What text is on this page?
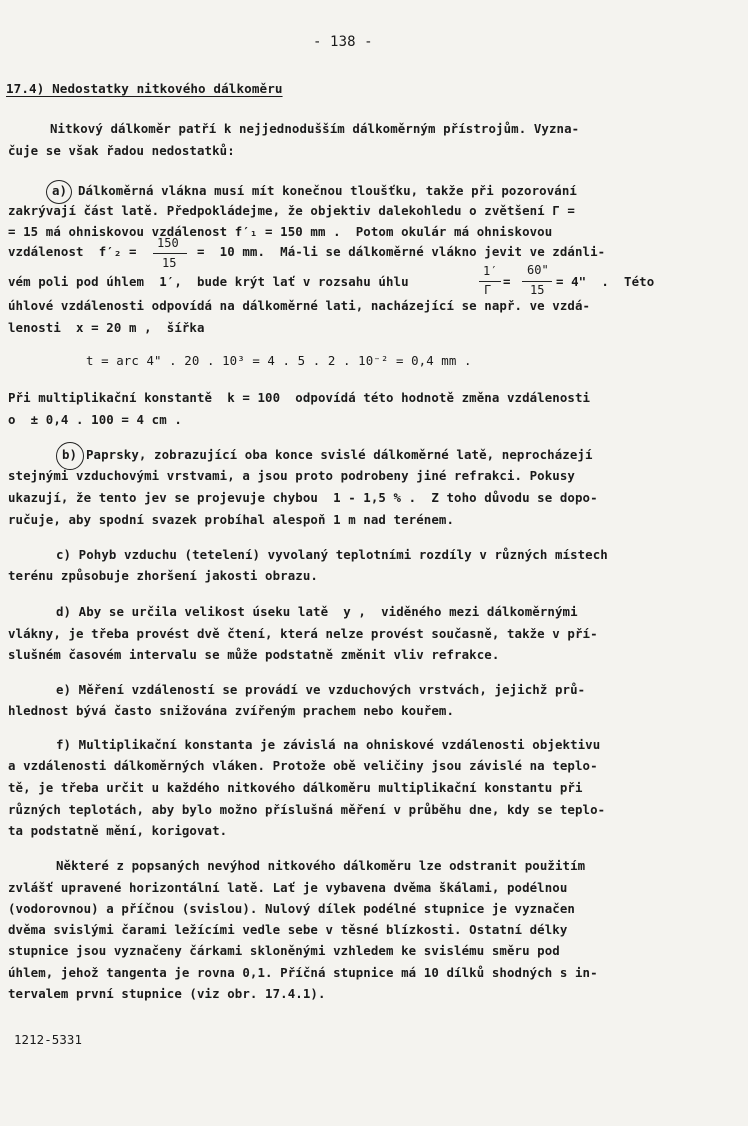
- 138 -
17.4) Nedostatky nitkového dálkoměru
Nitkový dálkoměr patří k nejjednodušším dálkoměrným přístrojům. Vyzna-
čuje se však řadou nedostatků:
a) Dálkoměrná vlákna musí mít konečnou tloušťku, takže při pozorování
zakrývají část latě. Předpokládejme, že objektiv dalekohledu o zvětšení Γ =
= 15 má ohniskovou vzdálenost f′₁ = 150 mm .  Potom okulár má ohniskovou
vzdálenost  f′₂ =
150
15
=  10 mm.  Má-li se dálkoměrné vlákno jevit ve zdánli-
vém poli pod úhlem  1′,  bude krýt lať v rozsahu úhlu
1′
Γ
=
60"
15
= 4"  .  Této
úhlové vzdálenosti odpovídá na dálkoměrné lati, nacházející se např. ve vzdá-
lenosti  x = 20 m ,  šířka
t = arc 4" . 20 . 10³ = 4 . 5 . 2 . 10⁻² = 0,4 mm .
Při multiplikační konstantě  k = 100  odpovídá této hodnotě změna vzdálenosti
o  ± 0,4 . 100 = 4 cm .
b) Paprsky, zobrazující oba konce svislé dálkoměrné latě, neprocházejí
stejnými vzduchovými vrstvami, a jsou proto podrobeny jiné refrakci. Pokusy
ukazují, že tento jev se projevuje chybou  1 - 1,5 % .  Z toho důvodu se dopo-
ručuje, aby spodní svazek probíhal alespoň 1 m nad terénem.
c) Pohyb vzduchu (tetelení) vyvolaný teplotními rozdíly v různých místech
terénu způsobuje zhoršení jakosti obrazu.
d) Aby se určila velikost úseku latě  y ,  viděného mezi dálkoměrnými
vlákny, je třeba provést dvě čtení, která nelze provést současně, takže v pří-
slušném časovém intervalu se může podstatně změnit vliv refrakce.
e) Měření vzdáleností se provádí ve vzduchových vrstvách, jejichž prů-
hlednost bývá často snižována zvířeným prachem nebo kouřem.
f) Multiplikační konstanta je závislá na ohniskové vzdálenosti objektivu
a vzdálenosti dálkoměrných vláken. Protože obě veličiny jsou závislé na teplo-
tě, je třeba určit u každého nitkového dálkoměru multiplikační konstantu při
různých teplotách, aby bylo možno příslušná měření v průběhu dne, kdy se teplo-
ta podstatně mění, korigovat.
Některé z popsaných nevýhod nitkového dálkoměru lze odstranit použitím
zvlášť upravené horizontální latě. Lať je vybavena dvěma škálami, podélnou
(vodorovnou) a příčnou (svislou). Nulový dílek podélné stupnice je vyznačen
dvěma svislými čarami ležícími vedle sebe v těsné blízkosti. Ostatní délky
stupnice jsou vyznačeny čárkami skloněnými vzhledem ke svislému směru pod
úhlem, jehož tangenta je rovna 0,1. Příčná stupnice má 10 dílků shodných s in-
tervalem první stupnice (viz obr. 17.4.1).
1212-5331
